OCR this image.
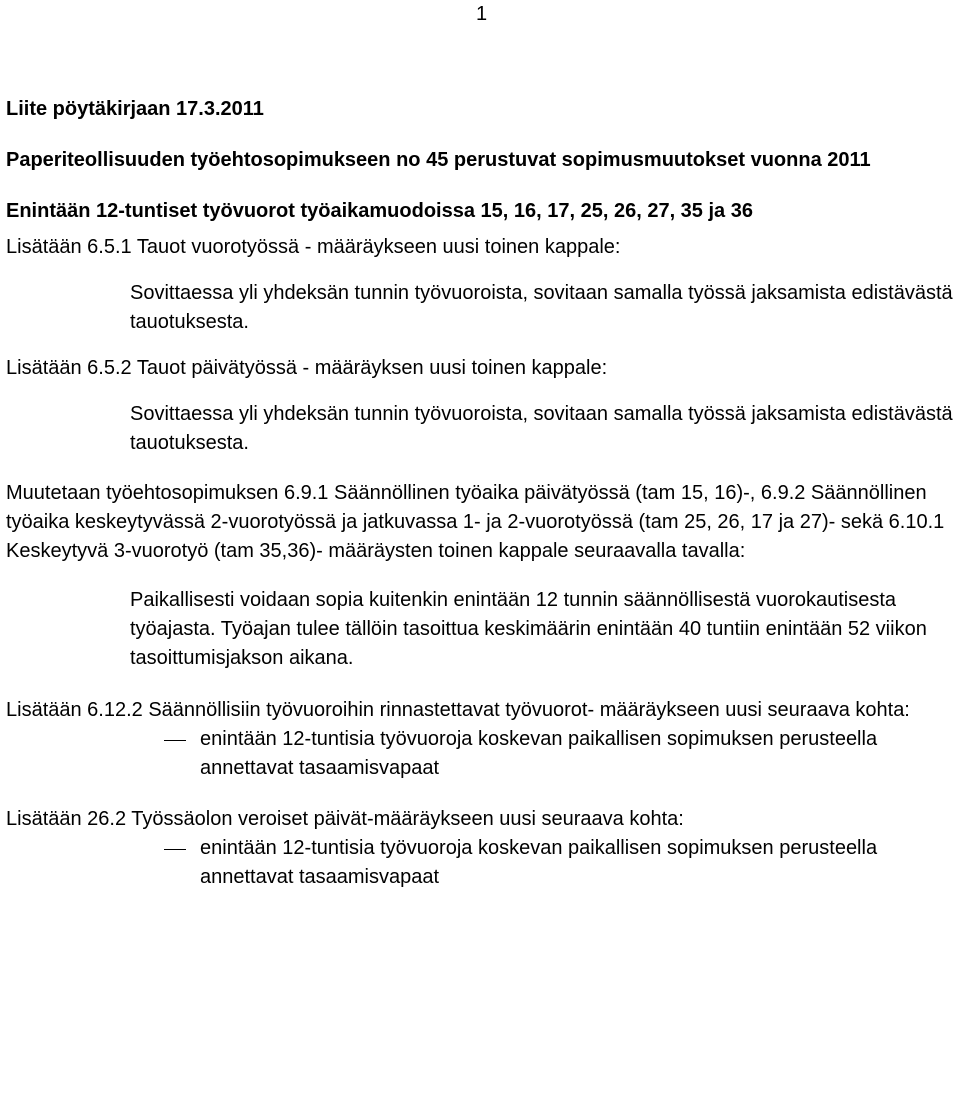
1

Liite pöytäkirjaan 17.3.2011

Paperiteollisuuden työehtosopimukseen no 45 perustuvat sopimusmuutokset vuonna 2011

Enintään 12-tuntiset työvuorot työaikamuodoissa 15, 16, 17, 25, 26, 27, 35 ja 36

Lisätään 6.5.1 Tauot vuorotyössä - määräykseen uusi toinen kappale:

Sovittaessa yli yhdeksän tunnin työvuoroista, sovitaan samalla työssä jaksamista edistävästä tauotuksesta.

Lisätään 6.5.2 Tauot päivätyössä - määräyksen uusi toinen kappale:

Sovittaessa yli yhdeksän tunnin työvuoroista, sovitaan samalla työssä jaksamista edistävästä tauotuksesta.

Muutetaan työehtosopimuksen 6.9.1 Säännöllinen työaika päivätyössä (tam 15, 16)-, 6.9.2 Säännöllinen työaika keskeytyvässä 2-vuorotyössä ja jatkuvassa 1- ja 2-vuorotyössä (tam 25, 26, 17 ja 27)- sekä 6.10.1 Keskeytyvä 3-vuorotyö (tam 35,36)- määräysten toinen kappale seuraavalla tavalla:

Paikallisesti voidaan sopia kuitenkin enintään 12 tunnin säännöllisestä vuorokautisesta työajasta. Työajan tulee tällöin tasoittua keskimäärin enintään 40 tuntiin enintään 52 viikon tasoittumisjakson aikana.

Lisätään 6.12.2 Säännöllisiin työvuoroihin rinnastettavat työvuorot- määräykseen uusi seuraava kohta:

enintään 12-tuntisia työvuoroja koskevan paikallisen sopimuksen perusteella annettavat tasaamisvapaat

Lisätään 26.2 Työssäolon veroiset päivät-määräykseen uusi seuraava kohta:

enintään 12-tuntisia työvuoroja koskevan paikallisen sopimuksen perusteella annettavat tasaamisvapaat
